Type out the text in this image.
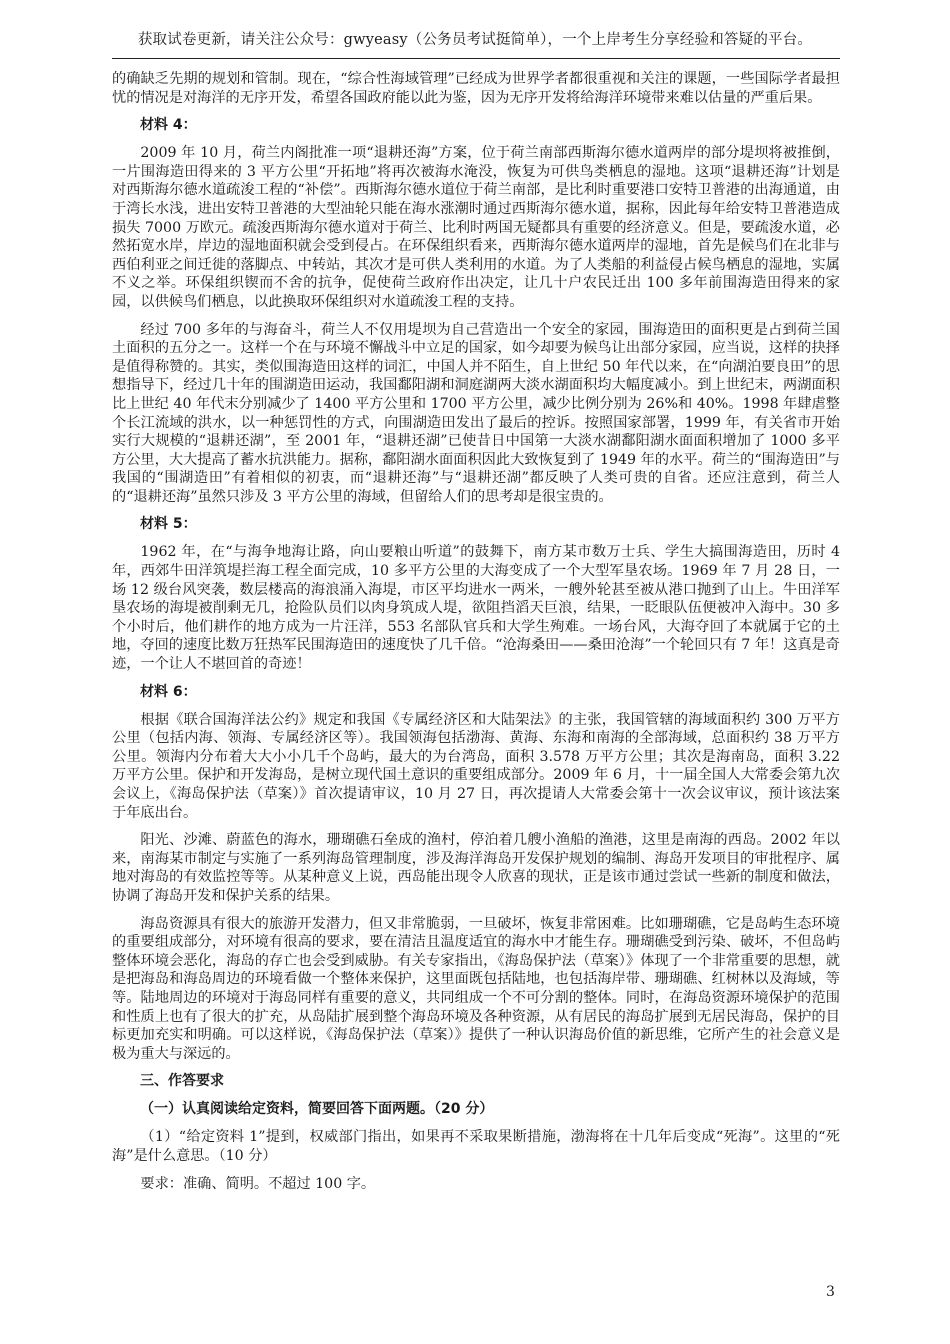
获取试卷更新，请关注公众号：gwyeasy（公务员考试挺简单），一个上岸考生分享经验和答疑的平台。

的确缺乏先期的规划和管制。现在，“综合性海域管理”已经成为世界学者都很重视和关注的课题，一些国际学者最担忧的情况是对海洋的无序开发，希望各国政府能以此为鉴，因为无序开发将给海洋环境带来难以估量的严重后果。

材料 4：

2009 年 10 月，荷兰内阁批准一项“退耕还海”方案，位于荷兰南部西斯海尔德水道两岸的部分堤坝将被推倒，一片围海造田得来的 3 平方公里“开拓地”将再次被海水淹没，恢复为可供鸟类栖息的湿地。这项“退耕还海”计划是对西斯海尔德水道疏浚工程的“补偿”。西斯海尔德水道位于荷兰南部，是比利时重要港口安特卫普港的出海通道，由于湾长水浅，进出安特卫普港的大型油轮只能在海水涨潮时通过西斯海尔德水道，据称，因此每年给安特卫普港造成损失 7000 万欧元。疏浚西斯海尔德水道对于荷兰、比利时两国无疑都具有重要的经济意义。但是，要疏浚水道，必然拓宽水岸，岸边的湿地面积就会受到侵占。在环保组织看来，西斯海尔德水道两岸的湿地，首先是候鸟们在北非与西伯利亚之间迁徙的落脚点、中转站，其次才是可供人类利用的水道。为了人类船的利益侵占候鸟栖息的湿地，实属不义之举。环保组织锲而不舍的抗争，促使荷兰政府作出决定，让几十户农民迁出 100 多年前围海造田得来的家园，以供候鸟们栖息，以此换取环保组织对水道疏浚工程的支持。

经过 700 多年的与海奋斗，荷兰人不仅用堤坝为自己营造出一个安全的家园，围海造田的面积更是占到荷兰国土面积的五分之一。这样一个在与环境不懈战斗中立足的国家，如今却要为候鸟让出部分家园，应当说，这样的抉择是值得称赞的。其实，类似围海造田这样的词汇，中国人并不陌生，自上世纪 50 年代以来，在“向湖泊要良田”的思想指导下，经过几十年的围湖造田运动，我国鄱阳湖和洞庭湖两大淡水湖面积均大幅度减小。到上世纪末，两湖面积比上世纪 40 年代末分别减少了 1400 平方公里和 1700 平方公里，减少比例分别为 26%和 40%。1998 年肆虐整个长江流域的洪水，以一种惩罚性的方式，向围湖造田发出了最后的控诉。按照国家部署，1999 年，有关省市开始实行大规模的“退耕还湖”，至 2001 年，“退耕还湖”已使昔日中国第一大淡水湖鄱阳湖水面面积增加了 1000 多平方公里，大大提高了蓄水抗洪能力。据称，鄱阳湖水面面积因此大致恢复到了 1949 年的水平。荷兰的“围海造田”与我国的“围湖造田”有着相似的初衷，而“退耕还海”与“退耕还湖”都反映了人类可贵的自省。还应注意到，荷兰人的“退耕还海”虽然只涉及 3 平方公里的海域，但留给人们的思考却是很宝贵的。

材料 5：

1962 年，在“与海争地海让路，向山要粮山听道”的鼓舞下，南方某市数万士兵、学生大搞围海造田，历时 4 年，西郊牛田洋筑堤拦海工程全面完成，10 多平方公里的大海变成了一个大型军垦农场。1969 年 7 月 28 日，一场 12 级台风突袭，数层楼高的海浪涌入海堤，市区平均进水一两米，一艘外轮甚至被从港口抛到了山上。牛田洋军垦农场的海堤被削剩无几，抢险队员们以肉身筑成人堤，欲阻挡滔天巨浪，结果，一眨眼队伍便被冲入海中。30 多个小时后，他们耕作的地方成为一片汪洋，553 名部队官兵和大学生殉难。一场台风，大海夺回了本就属于它的土地，夺回的速度比数万狂热军民围海造田的速度快了几千倍。“沧海桑田——桑田沧海”一个轮回只有 7 年！这真是奇迹，一个让人不堪回首的奇迹！

材料 6：

根据《联合国海洋法公约》规定和我国《专属经济区和大陆架法》的主张，我国管辖的海域面积约 300 万平方公里（包括内海、领海、专属经济区等）。我国领海包括渤海、黄海、东海和南海的全部海域，总面积约 38 万平方公里。领海内分布着大大小小几千个岛屿，最大的为台湾岛，面积 3.578 万平方公里；其次是海南岛，面积 3.22 万平方公里。保护和开发海岛，是树立现代国土意识的重要组成部分。2009 年 6 月，十一届全国人大常委会第九次会议上，《海岛保护法（草案）》首次提请审议，10 月 27 日，再次提请人大常委会第十一次会议审议，预计该法案于年底出台。

阳光、沙滩、蔚蓝色的海水，珊瑚礁石垒成的渔村，停泊着几艘小渔船的渔港，这里是南海的西岛。2002 年以来，南海某市制定与实施了一系列海岛管理制度，涉及海洋海岛开发保护规划的编制、海岛开发项目的审批程序、属地对海岛的有效监控等等。从某种意义上说，西岛能出现令人欣喜的现状，正是该市通过尝试一些新的制度和做法，协调了海岛开发和保护关系的结果。

海岛资源具有很大的旅游开发潜力，但又非常脆弱，一旦破坏，恢复非常困难。比如珊瑚礁，它是岛屿生态环境的重要组成部分，对环境有很高的要求，要在清洁且温度适宜的海水中才能生存。珊瑚礁受到污染、破坏，不但岛屿整体环境会恶化，海岛的存亡也会受到威胁。有关专家指出，《海岛保护法（草案）》体现了一个非常重要的思想，就是把海岛和海岛周边的环境看做一个整体来保护，这里面既包括陆地，也包括海岸带、珊瑚礁、红树林以及海域，等等。陆地周边的环境对于海岛同样有重要的意义，共同组成一个不可分割的整体。同时，在海岛资源环境保护的范围和性质上也有了很大的扩充，从岛陆扩展到整个海岛环境及各种资源，从有居民的海岛扩展到无居民海岛，保护的目标更加充实和明确。可以这样说，《海岛保护法（草案）》提供了一种认识海岛价值的新思维，它所产生的社会意义是极为重大与深远的。

三、作答要求

（一）认真阅读给定资料，简要回答下面两题。（20 分）

（1）“给定资料 1”提到，权威部门指出，如果再不采取果断措施，渤海将在十几年后变成“死海”。这里的“死海”是什么意思。（10 分）

要求：准确、简明。不超过 100 字。

3
